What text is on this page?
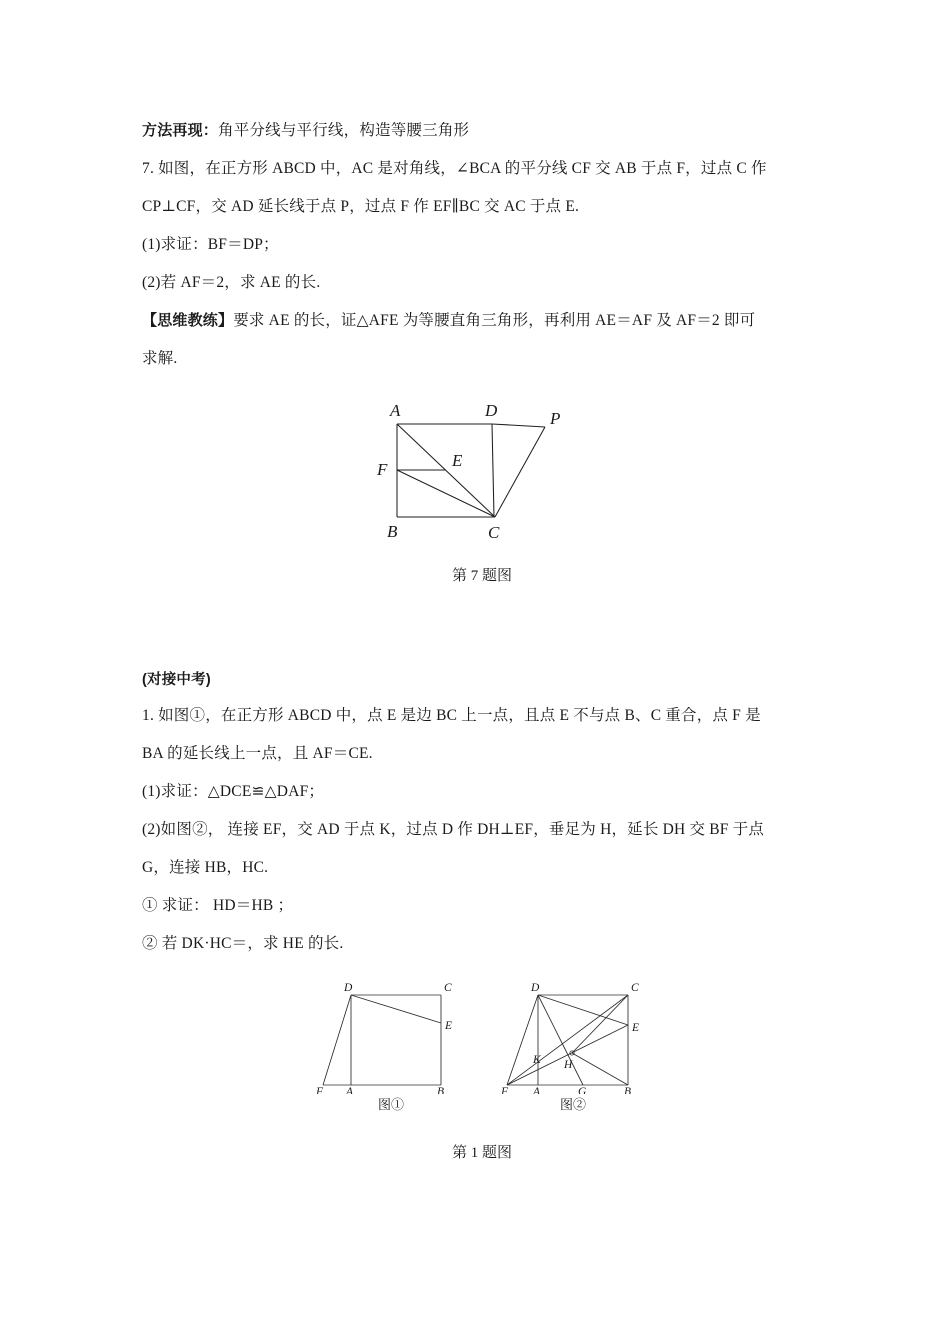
方法再现：角平分线与平行线，构造等腰三角形
7. 如图，在正方形 ABCD 中，AC 是对角线，∠BCA 的平分线 CF 交 AB 于点 F，过点 C 作
CP⊥CF，交 AD 延长线于点 P，过点 F 作 EF∥BC 交 AC 于点 E.
(1)求证：BF＝DP；
(2)若 AF＝2，求 AE 的长.
【思维教练】要求 AE 的长，证△AFE 为等腰直角三角形，再利用 AE＝AF 及 AF＝2 即可
求解.
A	D	P
F	E
B	C
第 7 题图
(对接中考)
1. 如图①，在正方形 ABCD 中，点 E 是边 BC 上一点，且点 E 不与点 B、C 重合，点 F 是
BA 的延长线上一点，且 AF＝CE.
(1)求证：△DCE≌△DAF；
(2)如图②， 连接 EF，交 AD 于点 K，过点 D 作 DH⊥EF，垂足为 H，延长 DH 交 BF 于点
G，连接 HB，HC.
① 求证： HD＝HB ；
② 若 DK·HC＝，求 HE 的长.
D	C
E
F A	B
图①
D	C
E
K H
F A	G	B
图②
第 1 题图
